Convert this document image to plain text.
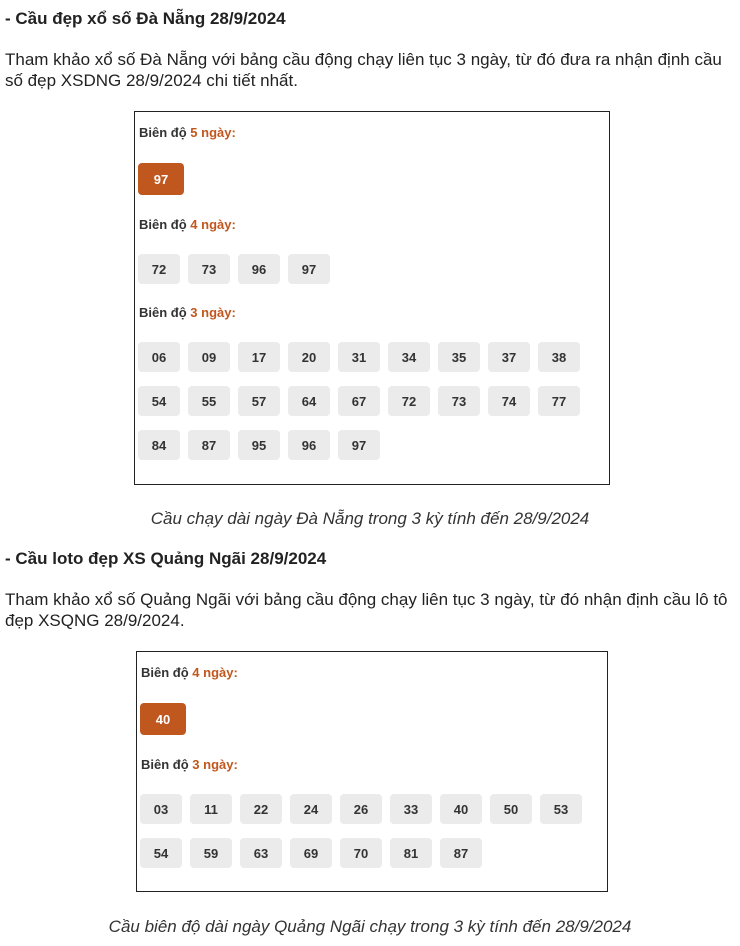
- Cầu đẹp xổ số Đà Nẵng 28/9/2024

Tham khảo xổ số Đà Nẵng với bảng cầu động chạy liên tục 3 ngày, từ đó đưa ra nhận định cầu số đẹp XSDNG 28/9/2024 chi tiết nhất.

Biên độ 5 ngày:
97
Biên độ 4 ngày:
72	73	96	97
Biên độ 3 ngày:
06	09	17	20	31	34	35	37	38
54	55	57	64	67	72	73	74	77
84	87	95	96	97
Cầu chạy dài ngày Đà Nẵng trong 3 kỳ tính đến 28/9/2024
- Cầu loto đẹp XS Quảng Ngãi 28/9/2024

Tham khảo xổ số Quảng Ngãi với bảng cầu động chạy liên tục 3 ngày, từ đó nhận định cầu lô tô đẹp XSQNG 28/9/2024.

Biên độ 4 ngày:
40
Biên độ 3 ngày:
03	11	22	24	26	33	40	50	53
54	59	63	69	70	81	87
Cầu biên độ dài ngày Quảng Ngãi chạy trong 3 kỳ tính đến 28/9/2024
